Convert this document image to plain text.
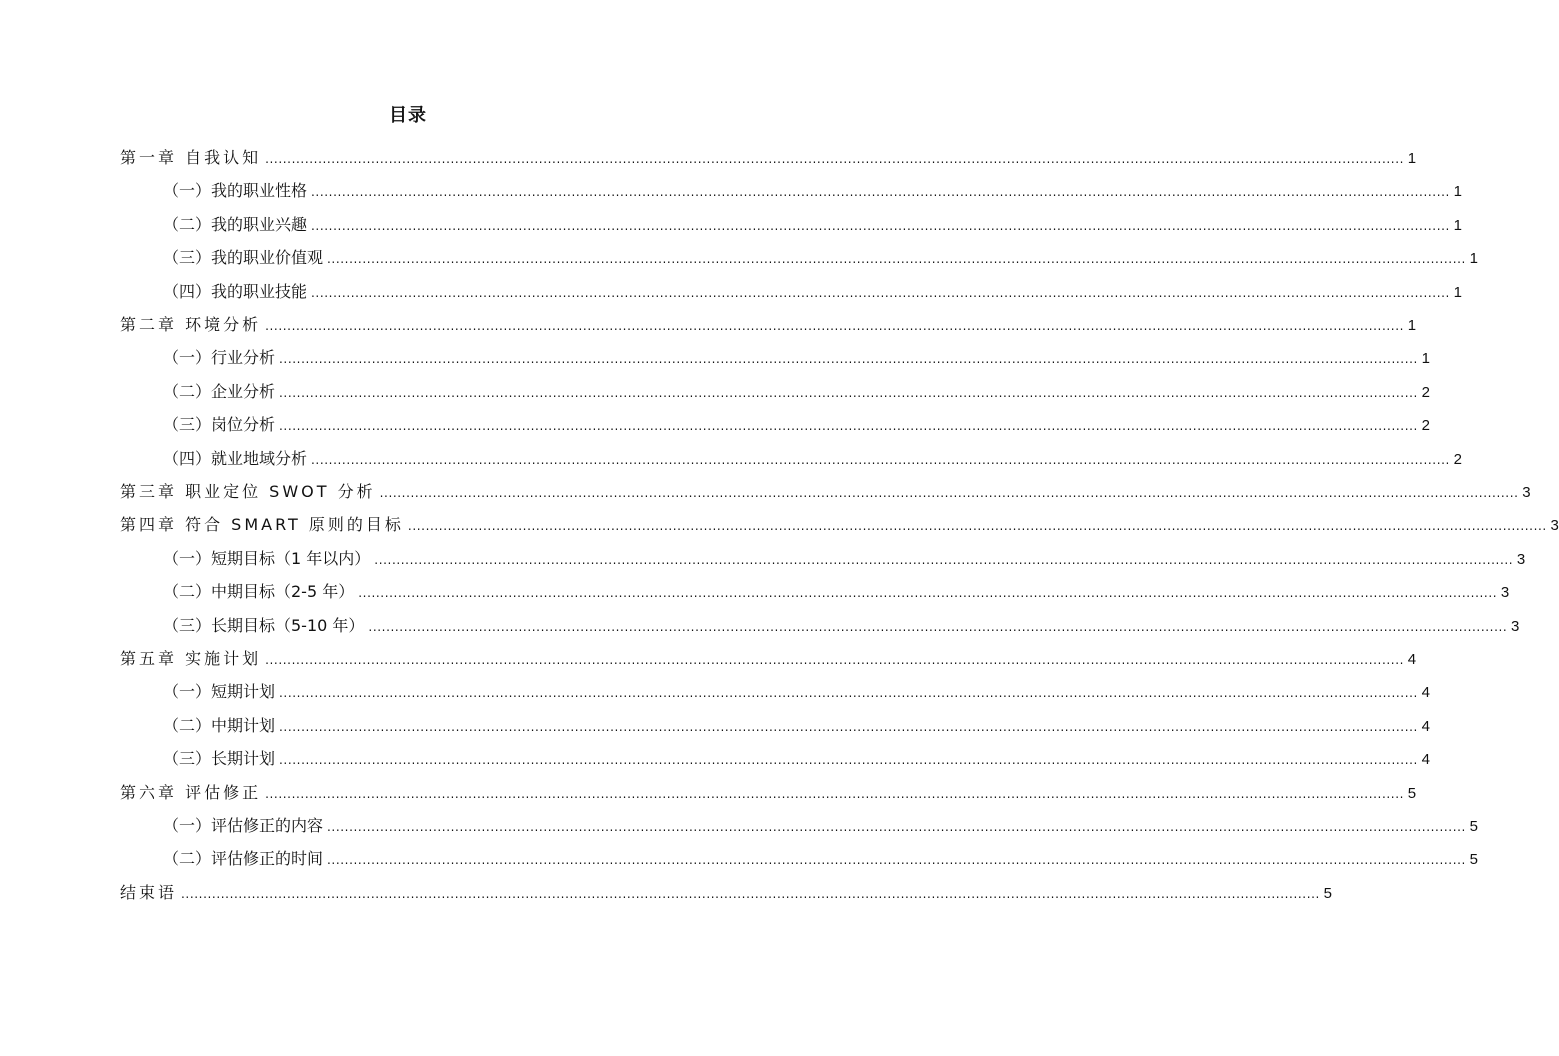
目录
第一章 自我认知 .................................................................................................................................................................................................................................................................. 1
（一）我的职业性格 .................................................................................................................................................................................................................................................................. 1
（二）我的职业兴趣 .................................................................................................................................................................................................................................................................. 1
（三）我的职业价值观 .................................................................................................................................................................................................................................................................. 1
（四）我的职业技能 .................................................................................................................................................................................................................................................................. 1
第二章 环境分析 .................................................................................................................................................................................................................................................................. 1
（一）行业分析 .................................................................................................................................................................................................................................................................. 1
（二）企业分析 .................................................................................................................................................................................................................................................................. 2
（三）岗位分析 .................................................................................................................................................................................................................................................................. 2
（四）就业地域分析 .................................................................................................................................................................................................................................................................. 2
第三章 职业定位 SWOT 分析 .................................................................................................................................................................................................................................................................. 3
第四章 符合 SMART 原则的目标 .................................................................................................................................................................................................................................................................. 3
（一）短期目标（1 年以内） .................................................................................................................................................................................................................................................................. 3
（二）中期目标（2-5 年） .................................................................................................................................................................................................................................................................. 3
（三）长期目标（5-10 年） .................................................................................................................................................................................................................................................................. 3
第五章 实施计划 .................................................................................................................................................................................................................................................................. 4
（一）短期计划 .................................................................................................................................................................................................................................................................. 4
（二）中期计划 .................................................................................................................................................................................................................................................................. 4
（三）长期计划 .................................................................................................................................................................................................................................................................. 4
第六章 评估修正 .................................................................................................................................................................................................................................................................. 5
（一）评估修正的内容 .................................................................................................................................................................................................................................................................. 5
（二）评估修正的时间 .................................................................................................................................................................................................................................................................. 5
结束语 .................................................................................................................................................................................................................................................................. 5
